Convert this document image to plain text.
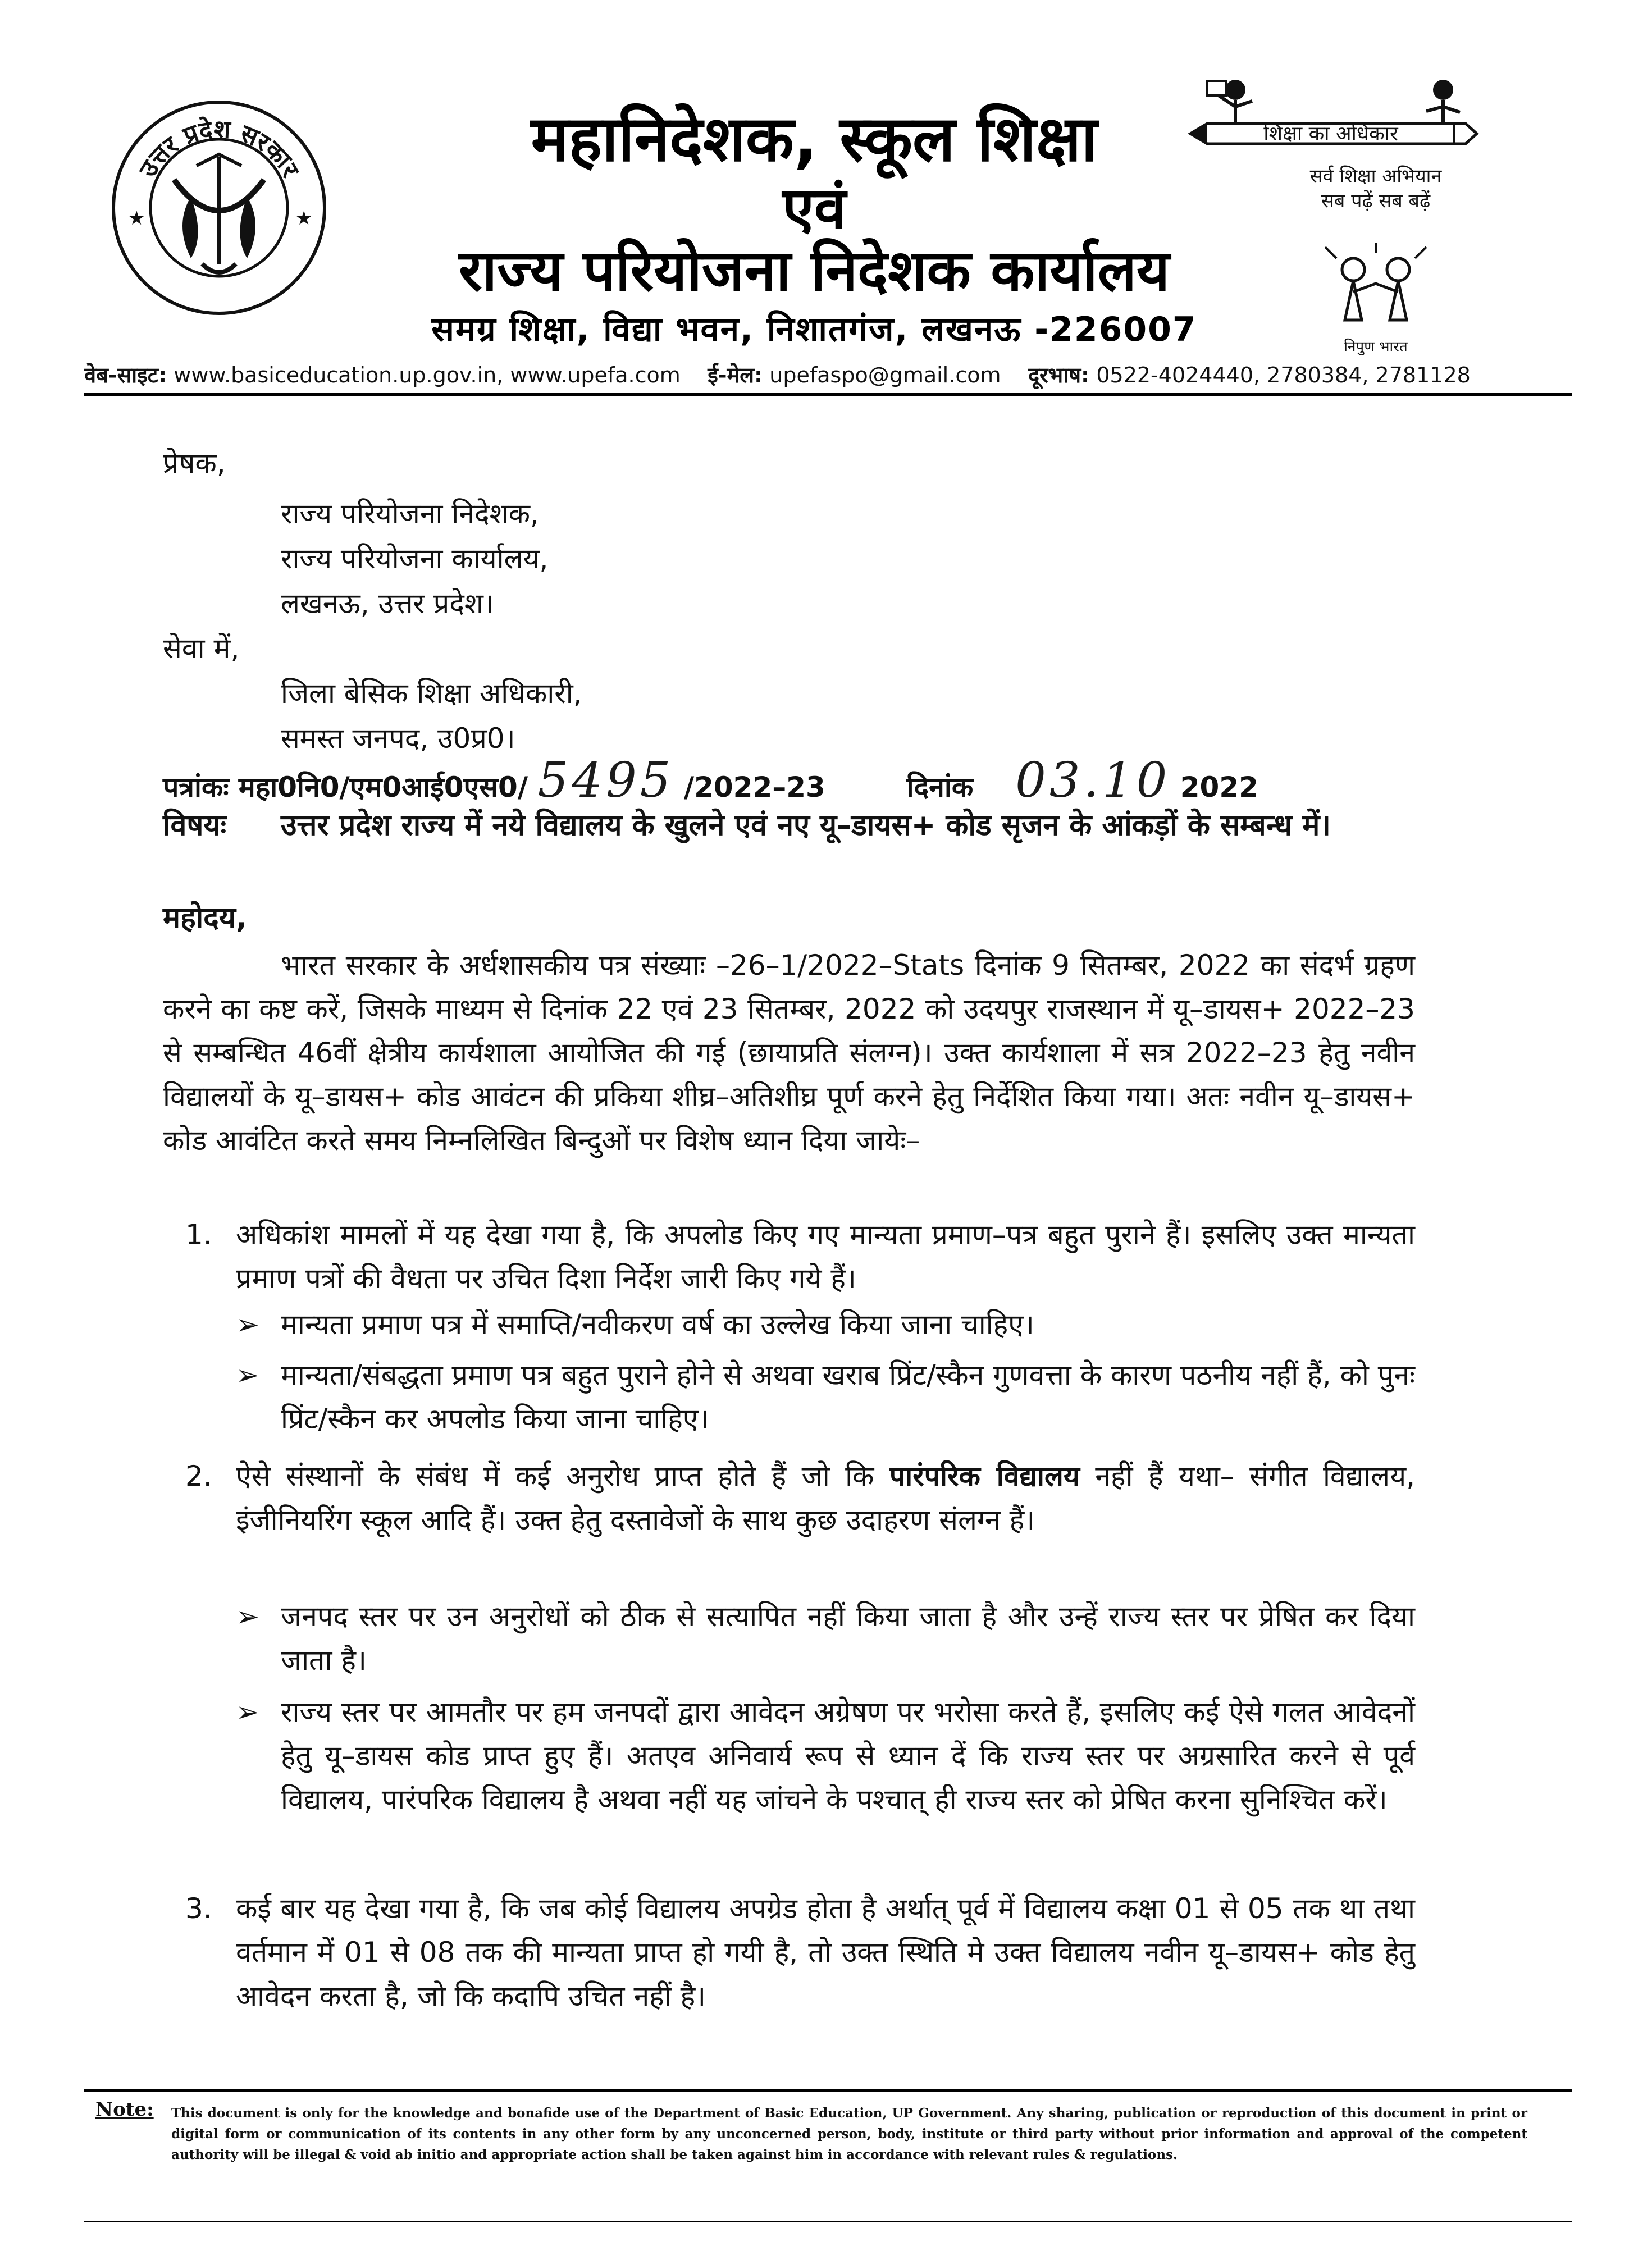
उत्तर प्रदेश सरकार
★	★
महानिदेशक, स्कूल शिक्षा
एवं
राज्य परियोजना निदेशक कार्यालय
समग्र शिक्षा, विद्या भवन, निशातगंज, लखनऊ -226007
शिक्षा का अधिकार
सर्व शिक्षा अभियान
सब पढ़ें सब बढ़ें
निपुण भारत
वेब-साइट: www.basiceducation.up.gov.in, www.upefa.com ई-मेल: upefaspo@gmail.com दूरभाष: 0522-4024440, 2780384, 2781128
प्रेषक,
राज्य परियोजना निदेशक,
राज्य परियोजना कार्यालय,
लखनऊ, उत्तर प्रदेश।
सेवा में,
जिला बेसिक शिक्षा अधिकारी,
समस्त जनपद, उ0प्र0।
पत्रांकः महा0नि0/एम0आई0एस0/ 5495 /2022–23	दिनांक 03.10 2022
विषयः उत्तर प्रदेश राज्य में नये विद्यालय के खुलने एवं नए यू–डायस+ कोड सृजन के आंकड़ों के सम्बन्ध में।
महोदय,
भारत सरकार के अर्धशासकीय पत्र संख्याः –26–1/2022–Stats दिनांक 9 सितम्बर, 2022 का संदर्भ ग्रहण करने का कष्ट करें, जिसके माध्यम से दिनांक 22 एवं 23 सितम्बर, 2022 को उदयपुर राजस्थान में यू–डायस+ 2022–23 से सम्बन्धित 46वीं क्षेत्रीय कार्यशाला आयोजित की गई (छायाप्रति संलग्न)। उक्त कार्यशाला में सत्र 2022–23 हेतु नवीन विद्यालयों के यू–डायस+ कोड आवंटन की प्रकिया शीघ्र–अतिशीघ्र पूर्ण करने हेतु निर्देशित किया गया। अतः नवीन यू–डायस+ कोड आवंटित करते समय निम्नलिखित बिन्दुओं पर विशेष ध्यान दिया जायेः–
1. अधिकांश मामलों में यह देखा गया है, कि अपलोड किए गए मान्यता प्रमाण–पत्र बहुत पुराने हैं। इसलिए उक्त मान्यता प्रमाण पत्रों की वैधता पर उचित दिशा निर्देश जारी किए गये हैं।
➢ मान्यता प्रमाण पत्र में समाप्ति/नवीकरण वर्ष का उल्लेख किया जाना चाहिए।
➢ मान्यता/संबद्धता प्रमाण पत्र बहुत पुराने होने से अथवा खराब प्रिंट/स्कैन गुणवत्ता के कारण पठनीय नहीं हैं, को पुनः प्रिंट/स्कैन कर अपलोड किया जाना चाहिए।
2. ऐसे संस्थानों के संबंध में कई अनुरोध प्राप्त होते हैं जो कि पारंपरिक विद्यालय नहीं हैं यथा– संगीत विद्यालय, इंजीनियरिंग स्कूल आदि हैं। उक्त हेतु दस्तावेजों के साथ कुछ उदाहरण संलग्न हैं।
➢ जनपद स्तर पर उन अनुरोधों को ठीक से सत्यापित नहीं किया जाता है और उन्हें राज्य स्तर पर प्रेषित कर दिया जाता है।
➢ राज्य स्तर पर आमतौर पर हम जनपदों द्वारा आवेदन अग्रेषण पर भरोसा करते हैं, इसलिए कई ऐसे गलत आवेदनों हेतु यू–डायस कोड प्राप्त हुए हैं। अतएव अनिवार्य रूप से ध्यान दें कि राज्य स्तर पर अग्रसारित करने से पूर्व विद्यालय, पारंपरिक विद्यालय है अथवा नहीं यह जांचने के पश्चात् ही राज्य स्तर को प्रेषित करना सुनिश्चित करें।
3. कई बार यह देखा गया है, कि जब कोई विद्यालय अपग्रेड होता है अर्थात् पूर्व में विद्यालय कक्षा 01 से 05 तक था तथा वर्तमान में 01 से 08 तक की मान्यता प्राप्त हो गयी है, तो उक्त स्थिति मे उक्त विद्यालय नवीन यू–डायस+ कोड हेतु आवेदन करता है, जो कि कदापि उचित नहीं है।
Note: This document is only for the knowledge and bonafide use of the Department of Basic Education, UP Government. Any sharing, publication or reproduction of this document in print or digital form or communication of its contents in any other form by any unconcerned person, body, institute or third party without prior information and approval of the competent authority will be illegal & void ab initio and appropriate action shall be taken against him in accordance with relevant rules & regulations.
